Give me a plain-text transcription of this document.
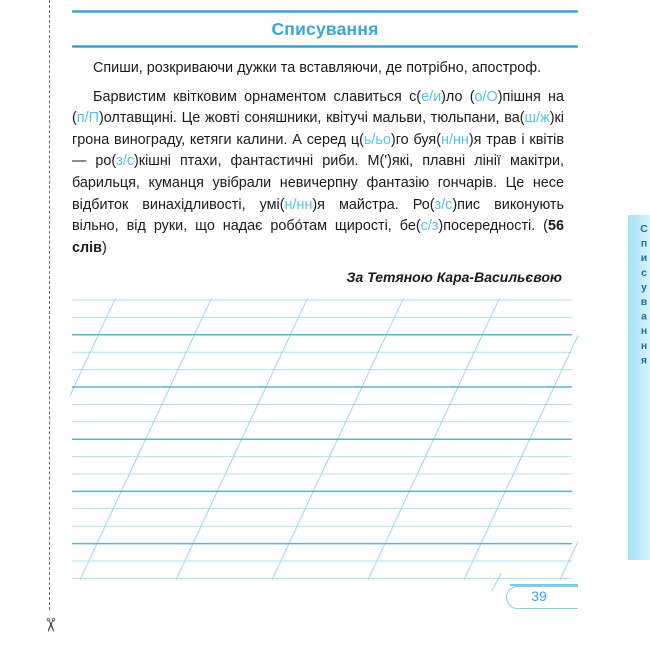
✂
Списування

Спиши, розкриваючи дужки та вставляючи, де потрібно, апостроф.

Барвистим квітковим орнаментом славиться с(е/и)ло (о/О)пішня на (п/П)олтавщині. Це жовті соняшники, квітучі мальви, тюльпани, ва(ш/ж)кі грона винограду, кетяги калини. А серед ц(ь/ьо)го буя(н/нн)я трав і квітів — ро(з/с)кішні птахи, фантастичні риби. М(')які, плавні лінії макітри, барильця, куманця увібрали невичерпну фантазію гончарів. Це несе відбиток винахідливості, умі(н/нн)я майстра. Ро(з/с)пис виконують вільно, від руки, що надає робо́там щирості, бе(с/з)посередності. (56 слів)

За Тетяною Кара-Васильєвою
39
Списування
